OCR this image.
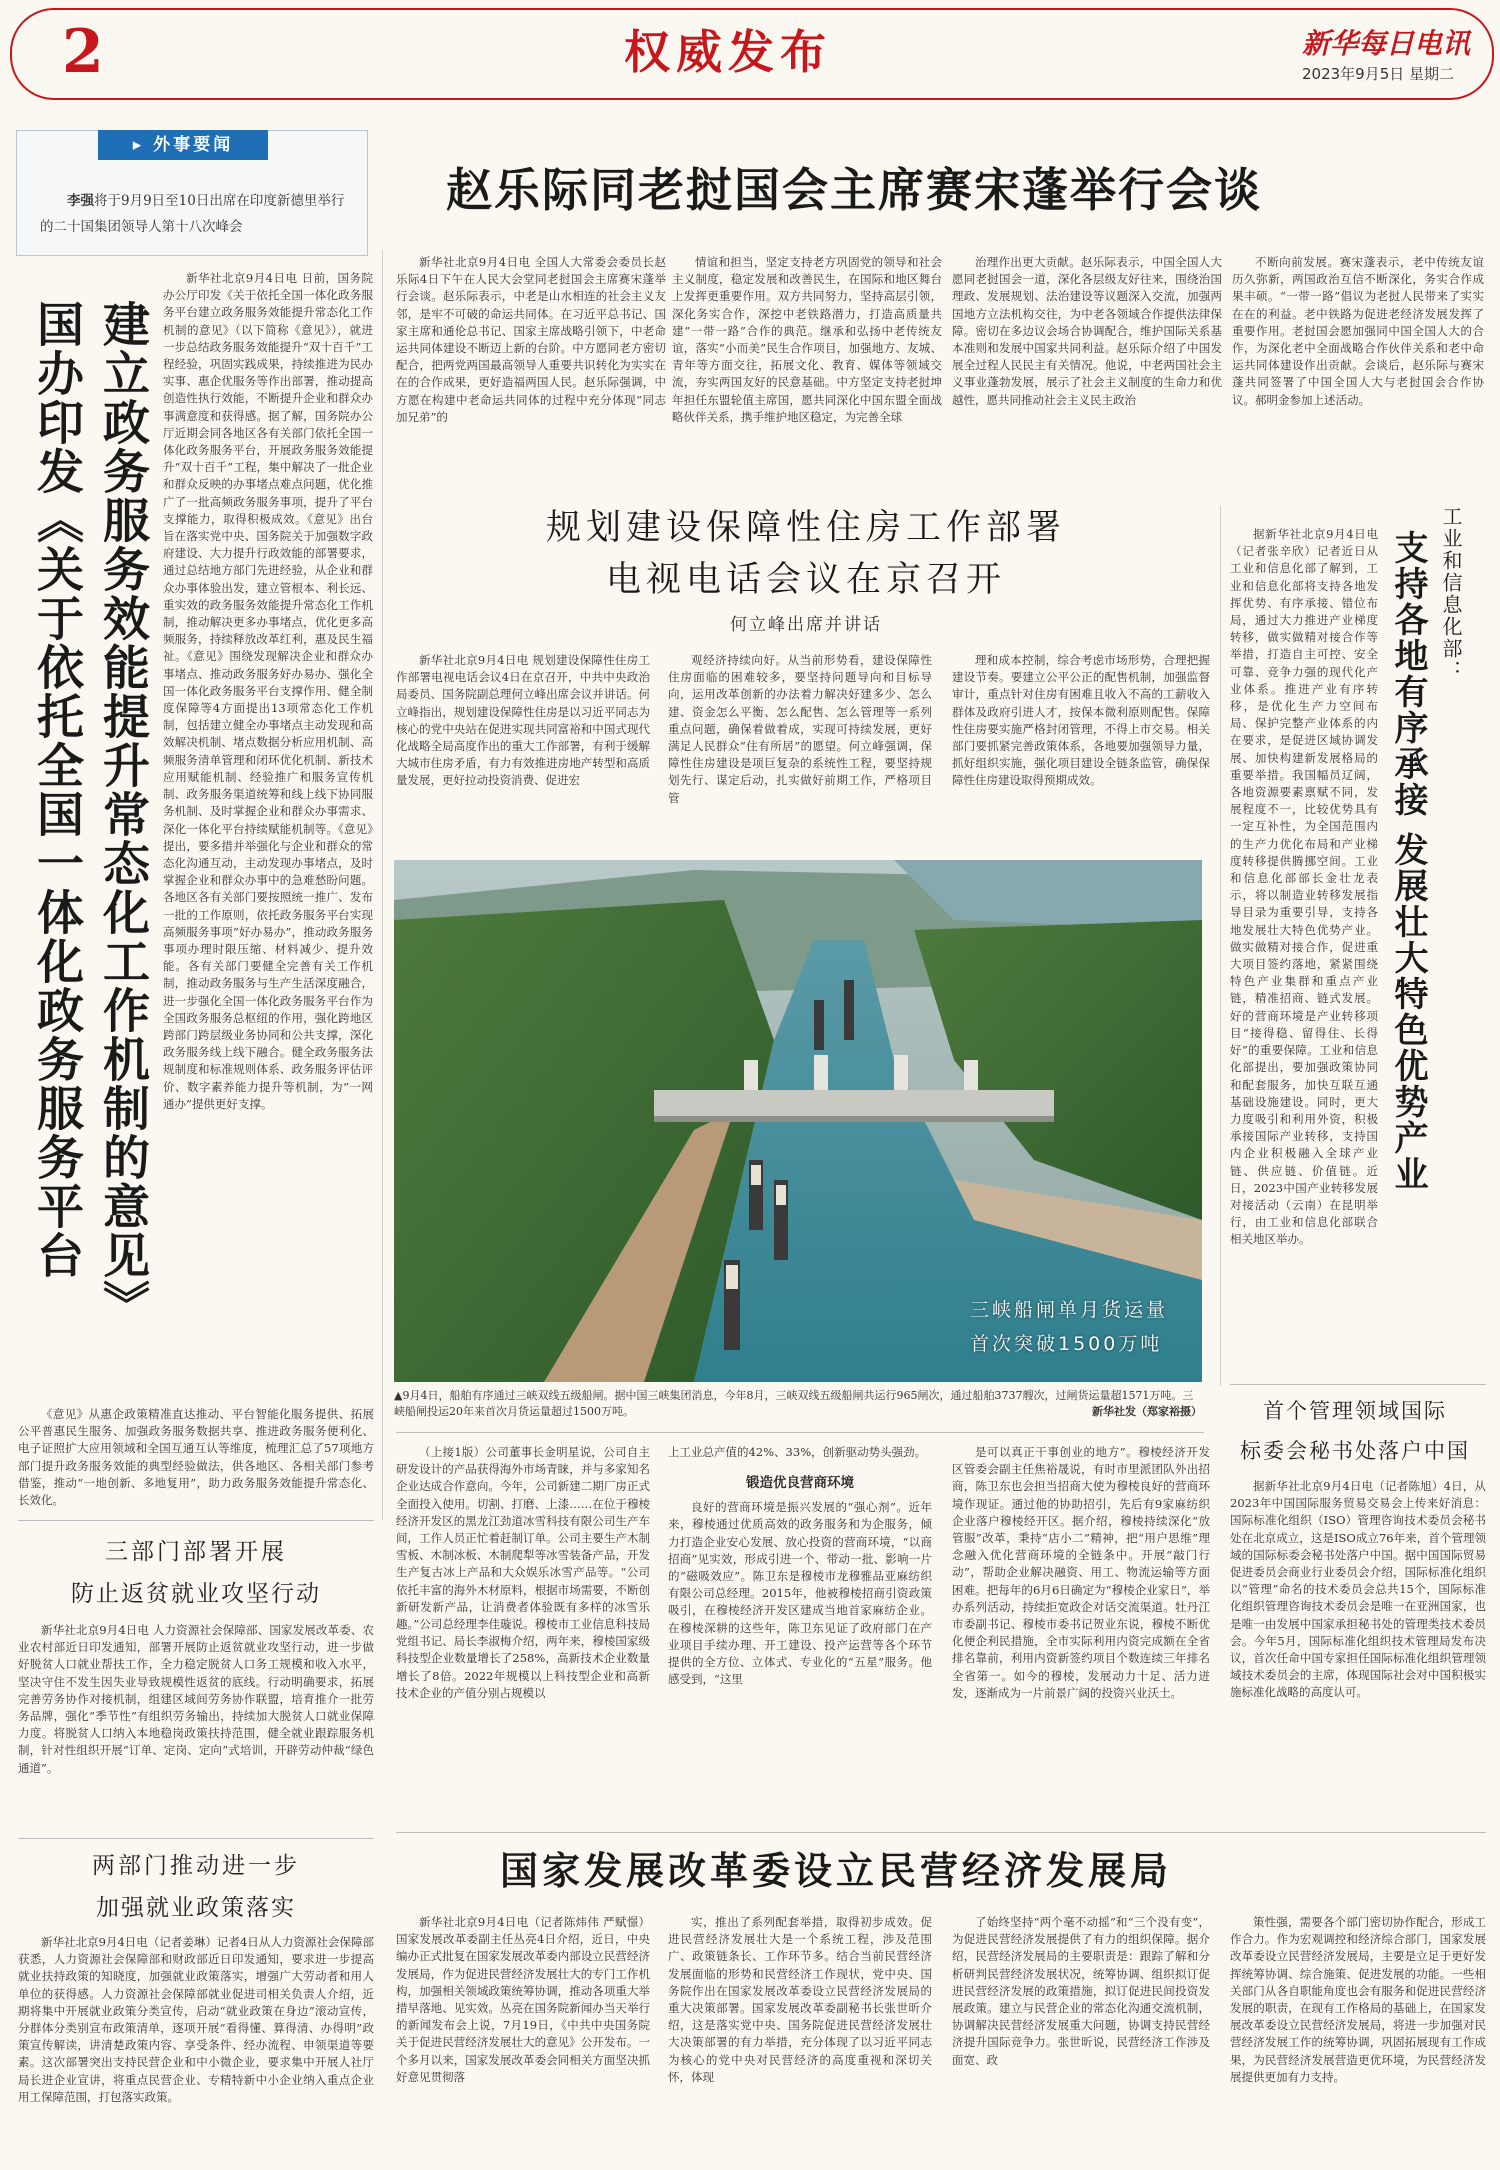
2	权威发布	新华每日电讯
2023年9月5日 星期二
▸ 外事要闻
李强将于9月9日至10日出席在印度新德里举行的二十国集团领导人第十八次峰会
赵乐际同老挝国会主席赛宋蓬举行会谈
新华社北京9月4日电 全国人大常委会委员长赵乐际4日下午在人民大会堂同老挝国会主席赛宋蓬举行会谈。赵乐际表示，中老是山水相连的社会主义友邻，是牢不可破的命运共同体。在习近平总书记、国家主席和通伦总书记、国家主席战略引领下，中老命运共同体建设不断迈上新的台阶。中方愿同老方密切配合，把两党两国最高领导人重要共识转化为实实在在的合作成果，更好造福两国人民。赵乐际强调，中方愿在构建中老命运共同体的过程中充分体现“同志加兄弟”的
情谊和担当，坚定支持老方巩固党的领导和社会主义制度，稳定发展和改善民生，在国际和地区舞台上发挥更重要作用。双方共同努力，坚持高层引领，深化务实合作，深挖中老铁路潜力，打造高质量共建“一带一路”合作的典范。继承和弘扬中老传统友谊，落实“小而美”民生合作项目，加强地方、友城、青年等方面交往，拓展文化、教育、媒体等领域交流，夯实两国友好的民意基础。中方坚定支持老挝坤年担任东盟轮值主席国，愿共同深化中国东盟全面战略伙伴关系，携手维护地区稳定，为完善全球
治理作出更大贡献。赵乐际表示，中国全国人大愿同老挝国会一道，深化各层级友好往来，围绕治国理政、发展规划、法治建设等议题深入交流，加强两国地方立法机构交往，为中老各领域合作提供法律保障。密切在多边议会场合协调配合，维护国际关系基本准则和发展中国家共同利益。赵乐际介绍了中国发展全过程人民民主有关情况。他说，中老两国社会主义事业蓬勃发展，展示了社会主义制度的生命力和优越性，愿共同推动社会主义民主政治
不断向前发展。赛宋蓬表示，老中传统友谊历久弥新，两国政治互信不断深化，务实合作成果丰硕。“一带一路”倡议为老挝人民带来了实实在在的利益。老中铁路为促进老经济发展发挥了重要作用。老挝国会愿加强同中国全国人大的合作，为深化老中全面战略合作伙伴关系和老中命运共同体建设作出贡献。会谈后，赵乐际与赛宋蓬共同签署了中国全国人大与老挝国会合作协议。郝明金参加上述活动。
国办印发《关于依托全国一体化政务服务平台 建立政务服务效能提升常态化工作机制的意见》
新华社北京9月4日电 日前，国务院办公厅印发《关于依托全国一体化政务服务平台建立政务服务效能提升常态化工作机制的意见》（以下简称《意见》），就进一步总结政务服务效能提升“双十百千”工程经验，巩固实践成果，持续推进为民办实事、惠企优服务等作出部署，推动提高创造性执行效能，不断提升企业和群众办事满意度和获得感。据了解，国务院办公厅近期会同各地区各有关部门依托全国一体化政务服务平台，开展政务服务效能提升“双十百千”工程，集中解决了一批企业和群众反映的办事堵点难点问题，优化推广了一批高频政务服务事项，提升了平台支撑能力，取得积极成效。《意见》出台旨在落实党中央、国务院关于加强数字政府建设、大力提升行政效能的部署要求，通过总结地方部门先进经验，从企业和群众办事体验出发，建立管根本、利长远、重实效的政务服务效能提升常态化工作机制，推动解决更多办事堵点，优化更多高频服务，持续释放改革红利，惠及民生福祉。《意见》围绕发现解决企业和群众办事堵点、推动政务服务好办易办、强化全国一体化政务服务平台支撑作用、健全制度保障等4方面提出13项常态化工作机制，包括建立健全办事堵点主动发现和高效解决机制、堵点数据分析应用机制、高频服务清单管理和闭环优化机制、新技术应用赋能机制、经验推广和服务宣传机制、政务服务渠道统筹和线上线下协同服务机制、及时掌握企业和群众办事需求、深化一体化平台持续赋能机制等。《意见》提出，要多措并举强化与企业和群众的常态化沟通互动，主动发现办事堵点，及时掌握企业和群众办事中的急难愁盼问题。各地区各有关部门要按照统一推广、发布一批的工作原则，依托政务服务平台实现高频服务事项“好办易办”，推动政务服务事项办理时限压缩、材料减少、提升效能。各有关部门要健全完善有关工作机制，推动政务服务与生产生活深度融合，进一步强化全国一体化政务服务平台作为全国政务服务总枢纽的作用，强化跨地区跨部门跨层级业务协同和公共支撑，深化政务服务线上线下融合。健全政务服务法规制度和标准规则体系、政务服务评估评价、数字素养能力提升等机制，为“一网通办”提供更好支撑。
《意见》从惠企政策精准直达推动、平台智能化服务提供、拓展公平普惠民生服务、加强政务服务数据共享、推进政务服务便利化、电子证照扩大应用领域和全国互通互认等维度，梳理汇总了57项地方部门提升政务服务效能的典型经验做法，供各地区、各相关部门参考借鉴，推动“一地创新、多地复用”，助力政务服务效能提升常态化、长效化。
三部门部署开展
防止返贫就业攻坚行动
新华社北京9月4日电 人力资源社会保障部、国家发展改革委、农业农村部近日印发通知，部署开展防止返贫就业攻坚行动，进一步做好脱贫人口就业帮扶工作，全力稳定脱贫人口务工规模和收入水平，坚决守住不发生因失业导致规模性返贫的底线。行动明确要求，拓展完善劳务协作对接机制，组建区域间劳务协作联盟，培育推介一批劳务品牌，强化“季节性”有组织劳务输出，持续加大脱贫人口就业保障力度。将脱贫人口纳入本地稳岗政策扶持范围，健全就业跟踪服务机制，针对性组织开展“订单、定岗、定向”式培训，开辟劳动仲裁“绿色通道”。
两部门推动进一步
加强就业政策落实
新华社北京9月4日电（记者姜琳）记者4日从人力资源社会保障部获悉，人力资源社会保障部和财政部近日印发通知，要求进一步提高就业扶持政策的知晓度，加强就业政策落实，增强广大劳动者和用人单位的获得感。人力资源社会保障部就业促进司相关负责人介绍，近期将集中开展就业政策分类宣传，启动“就业政策在身边”滚动宣传，分群体分类别宣布政策清单，逐项开展“看得懂、算得清、办得明”政策宣传解读，讲清楚政策内容、享受条件、经办流程、申领渠道等要素。这次部署突出支持民营企业和中小微企业，要求集中开展人社厅局长进企业宣讲，将重点民营企业、专精特新中小企业纳入重点企业用工保障范围，打包落实政策。
规划建设保障性住房工作部署
电视电话会议在京召开
何立峰出席并讲话
新华社北京9月4日电 规划建设保障性住房工作部署电视电话会议4日在京召开，中共中央政治局委员、国务院副总理何立峰出席会议并讲话。何立峰指出，规划建设保障性住房是以习近平同志为核心的党中央站在促进实现共同富裕和中国式现代化战略全局高度作出的重大工作部署，有利于缓解大城市住房矛盾，有力有效推进房地产转型和高质量发展，更好拉动投资消费、促进宏
观经济持续向好。从当前形势看，建设保障性住房面临的困难较多，要坚持问题导向和目标导向，运用改革创新的办法着力解决好建多少、怎么建、资金怎么平衡、怎么配售、怎么管理等一系列重点问题，确保着做着成，实现可持续发展，更好满足人民群众“住有所居”的愿望。何立峰强调，保障性住房建设是项巨复杂的系统性工程，要坚持规划先行、谋定后动，扎实做好前期工作，严格项目管
理和成本控制，综合考虑市场形势，合理把握建设节奏。要建立公平公正的配售机制，加强监督审计，重点针对住房有困难且收入不高的工薪收入群体及政府引进人才，按保本微利原则配售。保障性住房要实施严格封闭管理，不得上市交易。相关部门要抓紧完善政策体系，各地要加强领导力量，抓好组织实施，强化项目建设全链条监管，确保保障性住房建设取得预期成效。
三峡船闸单月货运量
首次突破1500万吨
▲9月4日，船舶有序通过三峡双线五级船闸。据中国三峡集团消息，今年8月，三峡双线五级船闸共运行965闸次，通过船舶3737艘次，过闸货运量超1571万吨。三峡船闸投运20年来首次月货运量超过1500万吨。	新华社发（郑家裕摄）
工业和信息化部：
支持各地有序承接 发展壮大特色优势产业
据新华社北京9月4日电（记者张辛欣）记者近日从工业和信息化部了解到，工业和信息化部将支持各地发挥优势、有序承接、错位布局，通过大力推进产业梯度转移，做实做精对接合作等举措，打造自主可控、安全可靠、竞争力强的现代化产业体系。推进产业有序转移，是优化生产力空间布局、保护完整产业体系的内在要求，是促进区域协调发展、加快构建新发展格局的重要举措。我国幅员辽阔，各地资源要素禀赋不同，发展程度不一，比较优势具有一定互补性，为全国范围内的生产力优化布局和产业梯度转移提供腾挪空间。工业和信息化部部长金壮龙表示，将以制造业转移发展指导目录为重要引导，支持各地发展壮大特色优势产业。做实做精对接合作，促进重大项目签约落地，紧紧围绕特色产业集群和重点产业链，精准招商、链式发展。好的营商环境是产业转移项目“接得稳、留得住、长得好”的重要保障。工业和信息化部提出，要加强政策协同和配套服务，加快互联互通基础设施建设。同时，更大力度吸引和利用外资，积极承接国际产业转移，支持国内企业积极融入全球产业链、供应链、价值链。近日，2023中国产业转移发展对接活动（云南）在昆明举行，由工业和信息化部联合相关地区举办。
首个管理领域国际
标委会秘书处落户中国
据新华社北京9月4日电（记者陈旭）4日，从2023年中国国际服务贸易交易会上传来好消息：国际标准化组织（ISO）管理咨询技术委员会秘书处在北京成立，这是ISO成立76年来，首个管理领域的国际标委会秘书处落户中国。据中国国际贸易促进委员会商业行业委员会介绍，国际标准化组织以“管理”命名的技术委员会总共15个，国际标准化组织管理咨询技术委员会是唯一在亚洲国家，也是唯一由发展中国家承担秘书处的管理类技术委员会。今年5月，国际标准化组织技术管理局发布决议，首次任命中国专家担任国际标准化组织管理领域技术委员会的主席，体现国际社会对中国积极实施标准化战略的高度认可。
（上接1版）公司董事长金明星说，公司自主研发设计的产品获得海外市场青睐，并与多家知名企业达成合作意向。今年，公司新建二期厂房正式全面投入使用。切割、打磨、上漆……在位于穆棱经济开发区的黑龙江劲道冰雪科技有限公司生产车间，工作人员正忙着赶制订单。公司主要生产木制雪板、木制冰板、木制爬犁等冰雪装备产品，开发生产复古冰上产品和大众娱乐冰雪产品等。“公司依托丰富的海外木材原料，根据市场需要，不断创新研发新产品，让消费者体验既有多样的冰雪乐趣。”公司总经理李佳璇说。穆棱市工业信息科技局党组书记、局长李淑梅介绍，两年来，穆棱国家级科技型企业数量增长了258%，高新技术企业数量增长了8倍。2022年规模以上科技型企业和高新技术企业的产值分别占规模以
上工业总产值的42%、33%，创新驱动势头强劲。
锻造优良营商环境
良好的营商环境是振兴发展的“强心剂”。近年来，穆棱通过优质高效的政务服务和为企服务，倾力打造企业安心发展、放心投资的营商环境，“以商招商”见实效，形成引进一个、带动一批、影响一片的“磁吸效应”。陈卫东是穆棱市龙穆雅品亚麻纺织有限公司总经理。2015年，他被穆棱招商引资政策吸引，在穆棱经济开发区建成当地首家麻纺企业。在穆棱深耕的这些年，陈卫东见证了政府部门在产业项目手续办理、开工建设、投产运营等各个环节提供的全方位、立体式、专业化的“五星”服务。他感受到，“这里
是可以真正干事创业的地方”。穆棱经济开发区管委会副主任焦裕晟说，有时市里派团队外出招商，陈卫东也会担当招商大使为穆棱良好的营商环境作现证。通过他的协助招引，先后有9家麻纺织企业落户穆棱经开区。据介绍，穆棱持续深化“放管服”改革，秉持“店小二”精神，把“用户思维”理念融入优化营商环境的全链条中。开展“敲门行动”，帮助企业解决融资、用工、物流运输等方面困难。把每年的6月6日确定为“穆棱企业家日”，举办系列活动，持续拒宽政企对话交流渠道。牡丹江市委副书记、穆棱市委书记贺业东说，穆棱不断优化便企利民措施，全市实际利用内资完成额在全省排名靠前，利用内资新签约项目个数连续三年排名全省第一。如今的穆棱，发展动力十足、活力迸发，逐渐成为一片前景广阔的投资兴业沃土。
国家发展改革委设立民营经济发展局
新华社北京9月4日电（记者陈炜伟 严赋憬）国家发展改革委副主任丛亮4日介绍，近日，中央编办正式批复在国家发展改革委内部设立民营经济发展局，作为促进民营经济发展壮大的专门工作机构，加强相关领域政策统筹协调，推动各项重大举措早落地、见实效。丛亮在国务院新闻办当天举行的新闻发布会上说，7月19日，《中共中央国务院关于促进民营经济发展壮大的意见》公开发布。一个多月以来，国家发展改革委会同相关方面坚决抓好意见贯彻落
实，推出了系列配套举措，取得初步成效。促进民营经济发展壮大是一个系统工程，涉及范围广、政策链条长、工作环节多。结合当前民营经济发展面临的形势和民营经济工作现状，党中央、国务院作出在国家发展改革委设立民营经济发展局的重大决策部署。国家发展改革委副秘书长张世昕介绍，这是落实党中央、国务院促进民营经济发展壮大决策部署的有力举措，充分体现了以习近平同志为核心的党中央对民营经济的高度重视和深切关怀，体现
了始终坚持“两个毫不动摇”和“三个没有变”，为促进民营经济发展提供了有力的组织保障。据介绍，民营经济发展局的主要职责是：跟踪了解和分析研判民营经济发展状况，统筹协调、组织拟订促进民营经济发展的政策措施，拟订促进民间投资发展政策。建立与民营企业的常态化沟通交流机制，协调解决民营经济发展重大问题，协调支持民营经济提升国际竞争力。张世昕说，民营经济工作涉及面宽、政
策性强，需要各个部门密切协作配合，形成工作合力。作为宏观调控和经济综合部门，国家发展改革委设立民营经济发展局，主要是立足于更好发挥统筹协调、综合施策、促进发展的功能。一些相关部门从各自职能角度也会有服务和促进民营经济发展的职责，在现有工作格局的基础上，在国家发展改革委设立民营经济发展局，将进一步加强对民营经济发展工作的统筹协调，巩固拓展现有工作成果，为民营经济发展营造更优环境，为民营经济发展提供更加有力支持。
